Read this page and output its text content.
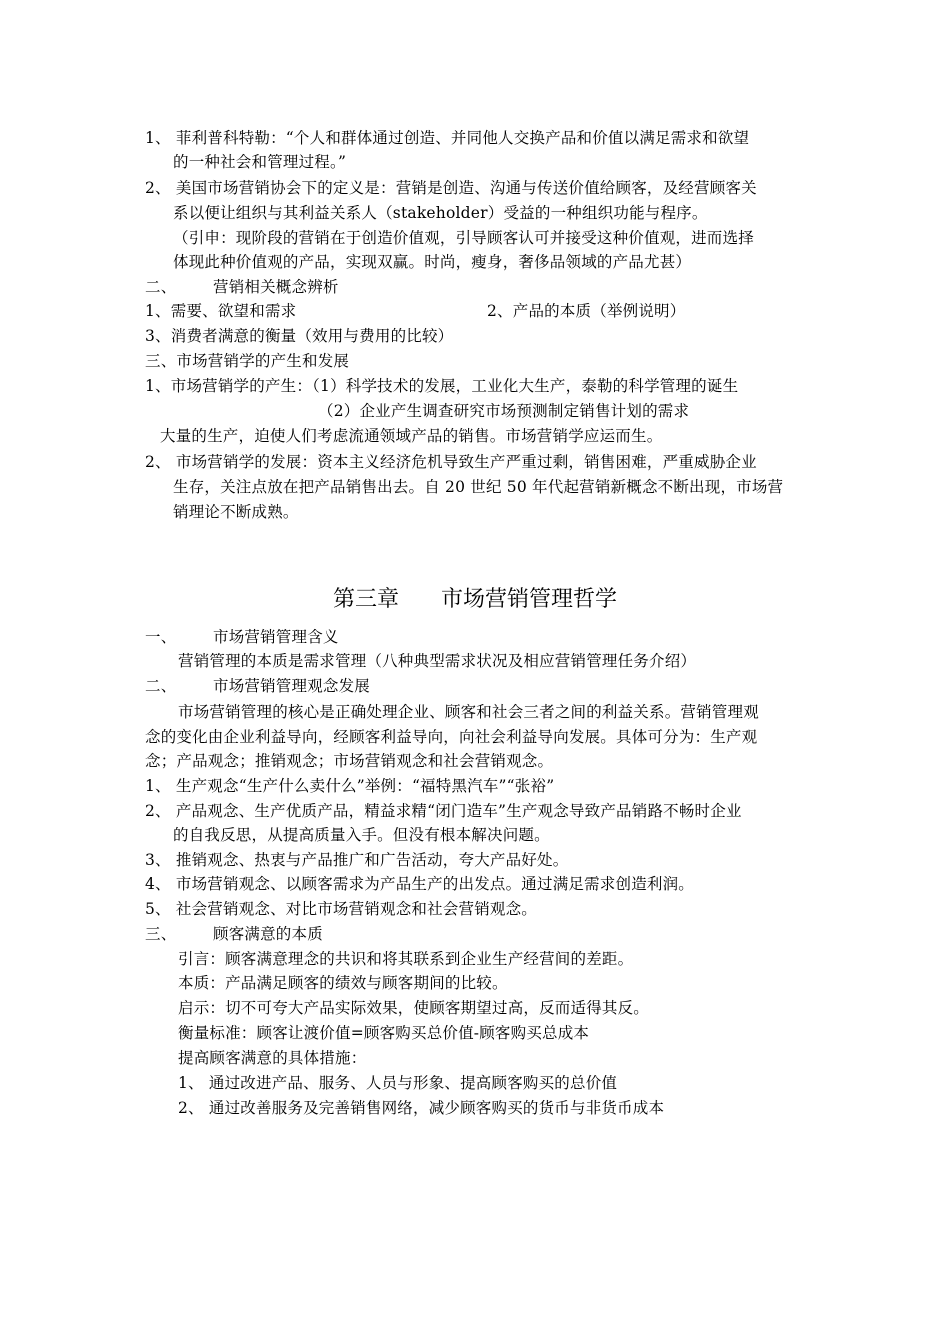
1、 菲利普科特勒：“个人和群体通过创造、并同他人交换产品和价值以满足需求和欲望
的一种社会和管理过程。”
2、 美国市场营销协会下的定义是：营销是创造、沟通与传送价值给顾客，及经营顾客关
系以便让组织与其利益关系人（stakeholder）受益的一种组织功能与程序。
（引申：现阶段的营销在于创造价值观，引导顾客认可并接受这种价值观，进而选择
体现此种价值观的产品，实现双赢。时尚，瘦身，奢侈品领域的产品尤甚）
二、 营销相关概念辨析
1、需要、欲望和需求	2、产品的本质（举例说明）
3、消费者满意的衡量（效用与费用的比较）
三、市场营销学的产生和发展
1、市场营销学的产生：（1）科学技术的发展，工业化大生产，泰勒的科学管理的诞生
（2）企业产生调查研究市场预测制定销售计划的需求
大量的生产，迫使人们考虑流通领域产品的销售。市场营销学应运而生。
2、 市场营销学的发展：资本主义经济危机导致生产严重过剩，销售困难，严重威胁企业
生存，关注点放在把产品销售出去。自 20 世纪 50 年代起营销新概念不断出现，市场营
销理论不断成熟。
第三章      市场营销管理哲学
一、 市场营销管理含义
营销管理的本质是需求管理（八种典型需求状况及相应营销管理任务介绍）
二、 市场营销管理观念发展
市场营销管理的核心是正确处理企业、顾客和社会三者之间的利益关系。营销管理观
念的变化由企业利益导向，经顾客利益导向，向社会利益导向发展。具体可分为：生产观
念；产品观念；推销观念；市场营销观念和社会营销观念。
1、 生产观念“生产什么卖什么”举例：“福特黑汽车”“张裕”
2、 产品观念、生产优质产品，精益求精“闭门造车”生产观念导致产品销路不畅时企业
的自我反思，从提高质量入手。但没有根本解决问题。
3、 推销观念、热衷与产品推广和广告活动，夸大产品好处。
4、 市场营销观念、以顾客需求为产品生产的出发点。通过满足需求创造利润。
5、 社会营销观念、对比市场营销观念和社会营销观念。
三、 顾客满意的本质
引言：顾客满意理念的共识和将其联系到企业生产经营间的差距。
本质：产品满足顾客的绩效与顾客期间的比较。
启示：切不可夸大产品实际效果，使顾客期望过高，反而适得其反。
衡量标准：顾客让渡价值=顾客购买总价值-顾客购买总成本
提高顾客满意的具体措施：
1、 通过改进产品、服务、人员与形象、提高顾客购买的总价值
2、 通过改善服务及完善销售网络，减少顾客购买的货币与非货币成本
